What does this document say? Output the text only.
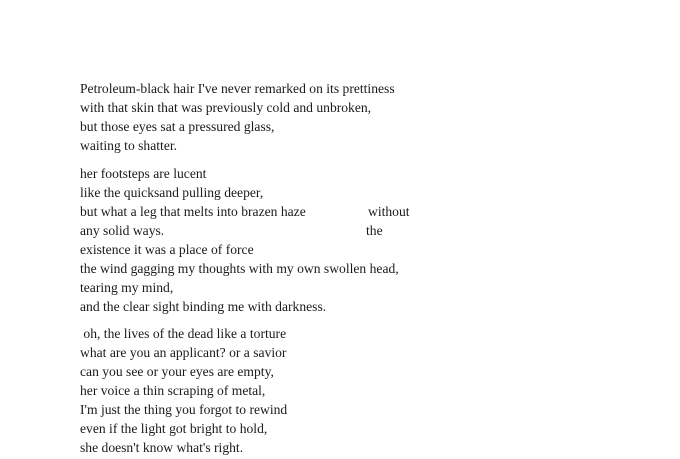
Petroleum-black hair I've never remarked on its prettiness
with that skin that was previously cold and unbroken,
but those eyes sat a pressured glass,
waiting to shatter.
her footsteps are lucent
like the quicksand pulling deeper,
but what a leg that melts into brazen haze	without
any solid ways.	the
existence it was a place of force
the wind gagging my thoughts with my own swollen head,
tearing my mind,
and the clear sight binding me with darkness.
oh, the lives of the dead like a torture
what are you an applicant? or a savior
can you see or your eyes are empty,
her voice a thin scraping of metal,
I'm just the thing you forgot to rewind
even if the light got bright to hold,
she doesn't know what's right.
